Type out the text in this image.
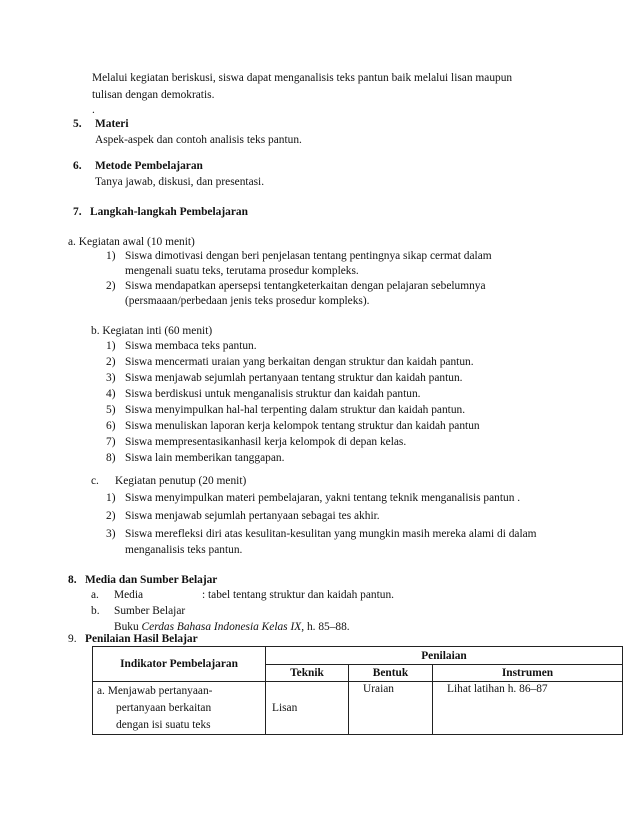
Melalui kegiatan beriskusi, siswa dapat menganalisis teks pantun baik melalui lisan maupun
tulisan dengan demokratis.
.
5. Materi
Aspek-aspek dan contoh analisis teks pantun.
6. Metode Pembelajaran
Tanya jawab, diskusi, dan presentasi.
7. Langkah-langkah Pembelajaran
a. Kegiatan awal (10 menit)
1) Siswa dimotivasi dengan beri penjelasan tentang pentingnya sikap cermat dalam
mengenali suatu teks, terutama prosedur kompleks.
2) Siswa mendapatkan apersepsi tentangketerkaitan dengan pelajaran sebelumnya
(persmaaan/perbedaan jenis teks prosedur kompleks).
b. Kegiatan inti (60 menit)
1) Siswa membaca teks pantun.
2) Siswa mencermati uraian yang berkaitan dengan struktur dan kaidah pantun.
3) Siswa menjawab sejumlah pertanyaan tentang struktur dan kaidah pantun.
4) Siswa berdiskusi untuk menganalisis struktur dan kaidah pantun.
5) Siswa menyimpulkan hal-hal terpenting dalam struktur dan kaidah pantun.
6) Siswa menuliskan laporan kerja kelompok tentang struktur dan kaidah pantun
7) Siswa mempresentasikanhasil kerja kelompok di depan kelas.
8) Siswa lain memberikan tanggapan.
c. Kegiatan penutup (20 menit)
1) Siswa menyimpulkan materi pembelajaran, yakni tentang teknik menganalisis pantun .
2) Siswa menjawab sejumlah pertanyaan sebagai tes akhir.
3) Siswa merefleksi diri atas kesulitan-kesulitan yang mungkin masih mereka alami di dalam
menganalisis teks pantun.
8. Media dan Sumber Belajar
a. Media	: tabel tentang struktur dan kaidah pantun.
b. Sumber Belajar
Buku Cerdas Bahasa Indonesia Kelas IX, h. 85–88.
9. Penilaian Hasil Belajar
Indikator Pembelajaran	Penilaian		
	Teknik	Bentuk	Instrumen

a. Menjawab pertanyaan-
pertanyaan berkaitan
dengan isi suatu teks	Lisan	Uraian	Lihat latihan h. 86–87
